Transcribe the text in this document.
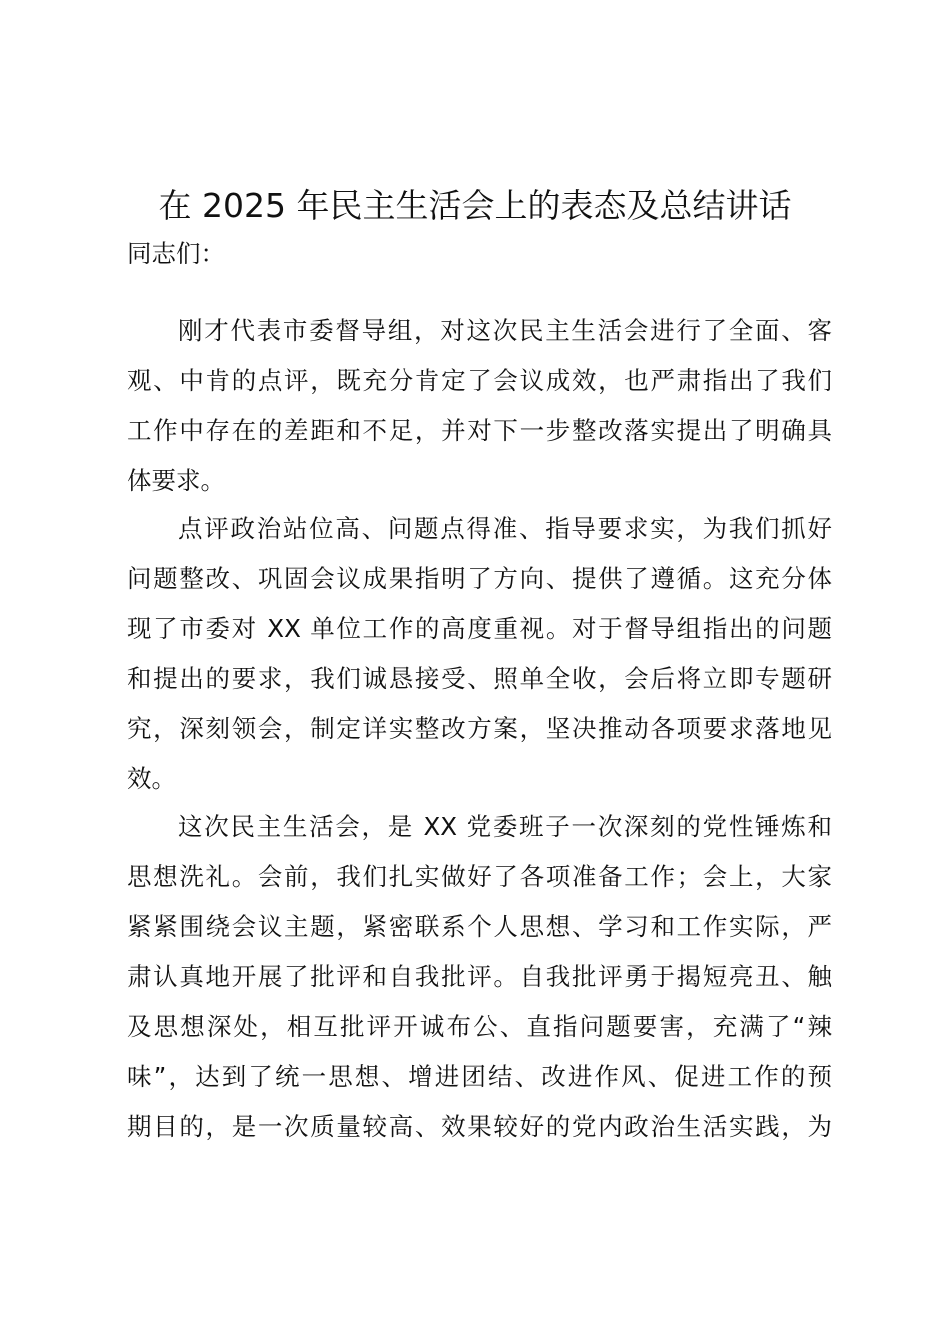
在 2025 年民主生活会上的表态及总结讲话
同志们：
刚才代表市委督导组，对这次民主生活会进行了全面、客
观、中肯的点评，既充分肯定了会议成效，也严肃指出了我们
工作中存在的差距和不足，并对下一步整改落实提出了明确具
体要求。
点评政治站位高、问题点得准、指导要求实，为我们抓好
问题整改、巩固会议成果指明了方向、提供了遵循。这充分体
现了市委对 XX 单位工作的高度重视。对于督导组指出的问题
和提出的要求，我们诚恳接受、照单全收，会后将立即专题研
究，深刻领会，制定详实整改方案，坚决推动各项要求落地见
效。
这次民主生活会，是 XX 党委班子一次深刻的党性锤炼和
思想洗礼。会前，我们扎实做好了各项准备工作；会上，大家
紧紧围绕会议主题，紧密联系个人思想、学习和工作实际，严
肃认真地开展了批评和自我批评。自我批评勇于揭短亮丑、触
及思想深处，相互批评开诚布公、直指问题要害，充满了“辣
味”，达到了统一思想、增进团结、改进作风、促进工作的预
期目的，是一次质量较高、效果较好的党内政治生活实践，为
